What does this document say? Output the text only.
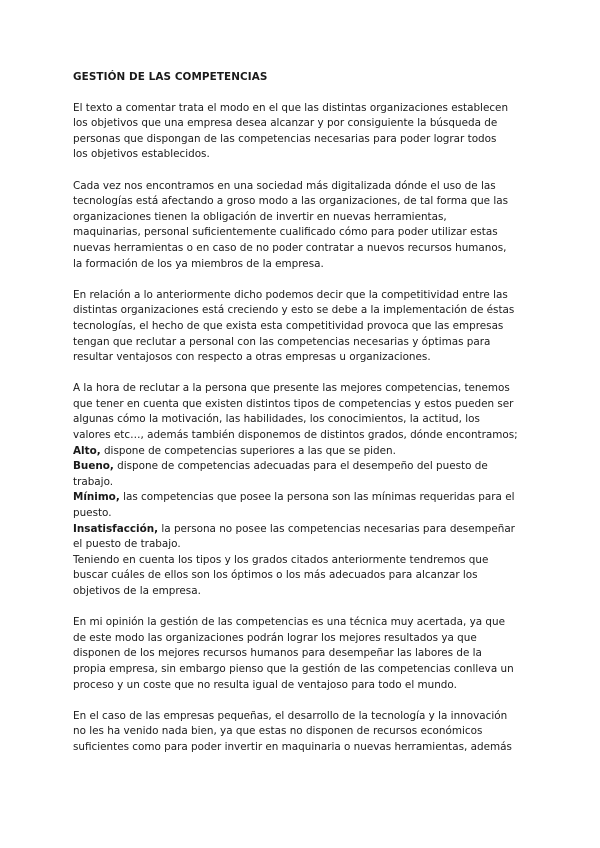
GESTIÓN DE LAS COMPETENCIAS
El texto a comentar trata el modo en el que las distintas organizaciones establecen
los objetivos que una empresa desea alcanzar y por consiguiente la búsqueda de
personas que dispongan de las competencias necesarias para poder lograr todos
los objetivos establecidos.
Cada vez nos encontramos en una sociedad más digitalizada dónde el uso de las
tecnologías está afectando a groso modo a las organizaciones, de tal forma que las
organizaciones tienen la obligación de invertir en nuevas herramientas,
maquinarias, personal suficientemente cualificado cómo para poder utilizar estas
nuevas herramientas o en caso de no poder contratar a nuevos recursos humanos,
la formación de los ya miembros de la empresa.
En relación a lo anteriormente dicho podemos decir que la competitividad entre las
distintas organizaciones está creciendo y esto se debe a la implementación de éstas
tecnologías, el hecho de que exista esta competitividad provoca que las empresas
tengan que reclutar a personal con las competencias necesarias y óptimas para
resultar ventajosos con respecto a otras empresas u organizaciones.
A la hora de reclutar a la persona que presente las mejores competencias, tenemos
que tener en cuenta que existen distintos tipos de competencias y estos pueden ser
algunas cómo la motivación, las habilidades, los conocimientos, la actitud, los
valores etc…, además también disponemos de distintos grados, dónde encontramos;
Alto, dispone de competencias superiores a las que se piden.
Bueno, dispone de competencias adecuadas para el desempeño del puesto de
trabajo.
Mínimo, las competencias que posee la persona son las mínimas requeridas para el
puesto.
Insatisfacción, la persona no posee las competencias necesarias para desempeñar
el puesto de trabajo.
Teniendo en cuenta los tipos y los grados citados anteriormente tendremos que
buscar cuáles de ellos son los óptimos o los más adecuados para alcanzar los
objetivos de la empresa.
En mi opinión la gestión de las competencias es una técnica muy acertada, ya que
de este modo las organizaciones podrán lograr los mejores resultados ya que
disponen de los mejores recursos humanos para desempeñar las labores de la
propia empresa, sin embargo pienso que la gestión de las competencias conlleva un
proceso y un coste que no resulta igual de ventajoso para todo el mundo.
En el caso de las empresas pequeñas, el desarrollo de la tecnología y la innovación
no les ha venido nada bien, ya que estas no disponen de recursos económicos
suficientes como para poder invertir en maquinaria o nuevas herramientas, además
